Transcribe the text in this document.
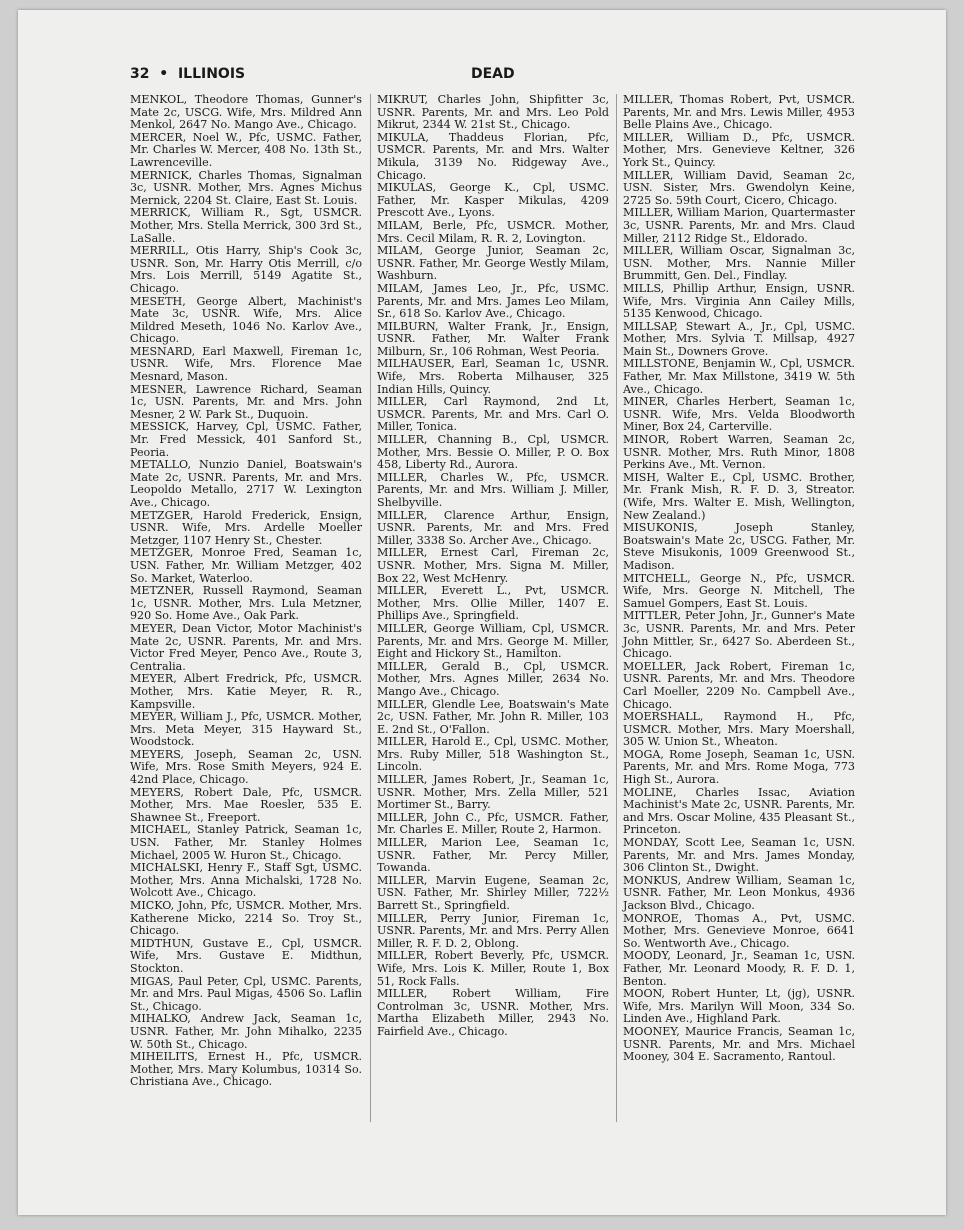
32 • ILLINOIS	DEAD
MENKOL, Theodore Thomas, Gunner's Mate 2c, USCG. Wife, Mrs. Mildred Ann Menkol, 2647 No. Mango Ave., Chicago.
MERCER, Noel W., Pfc, USMC. Father, Mr. Charles W. Mercer, 408 No. 13th St., Lawrenceville.
MERNICK, Charles Thomas, Signalman 3c, USNR. Mother, Mrs. Agnes Michus Mernick, 2204 St. Claire, East St. Louis.
MERRICK, William R., Sgt, USMCR. Mother, Mrs. Stella Merrick, 300 3rd St., LaSalle.
MERRILL, Otis Harry, Ship's Cook 3c, USNR. Son, Mr. Harry Otis Merrill, c/o Mrs. Lois Merrill, 5149 Agatite St., Chicago.
MESETH, George Albert, Machinist's Mate 3c, USNR. Wife, Mrs. Alice Mildred Meseth, 1046 No. Karlov Ave., Chicago.
MESNARD, Earl Maxwell, Fireman 1c, USNR. Wife, Mrs. Florence Mae Mesnard, Mason.
MESNER, Lawrence Richard, Seaman 1c, USN. Parents, Mr. and Mrs. John Mesner, 2 W. Park St., Duquoin.
MESSICK, Harvey, Cpl, USMC. Father, Mr. Fred Messick, 401 Sanford St., Peoria.
METALLO, Nunzio Daniel, Boatswain's Mate 2c, USNR. Parents, Mr. and Mrs. Leopoldo Metallo, 2717 W. Lexington Ave., Chicago.
METZGER, Harold Frederick, Ensign, USNR. Wife, Mrs. Ardelle Moeller Metzger, 1107 Henry St., Chester.
METZGER, Monroe Fred, Seaman 1c, USN. Father, Mr. William Metzger, 402 So. Market, Waterloo.
METZNER, Russell Raymond, Seaman 1c, USNR. Mother, Mrs. Lula Metzner, 920 So. Home Ave., Oak Park.
MEYER, Dean Victor, Motor Machinist's Mate 2c, USNR. Parents, Mr. and Mrs. Victor Fred Meyer, Penco Ave., Route 3, Centralia.
MEYER, Albert Fredrick, Pfc, USMCR. Mother, Mrs. Katie Meyer, R. R., Kampsville.
MEYER, William J., Pfc, USMCR. Mother, Mrs. Meta Meyer, 315 Hayward St., Woodstock.
MEYERS, Joseph, Seaman 2c, USN. Wife, Mrs. Rose Smith Meyers, 924 E. 42nd Place, Chicago.
MEYERS, Robert Dale, Pfc, USMCR. Mother, Mrs. Mae Roesler, 535 E. Shawnee St., Freeport.
MICHAEL, Stanley Patrick, Seaman 1c, USN. Father, Mr. Stanley Holmes Michael, 2005 W. Huron St., Chicago.
MICHALSKI, Henry F., Staff Sgt, USMC. Mother, Mrs. Anna Michalski, 1728 No. Wolcott Ave., Chicago.
MICKO, John, Pfc, USMCR. Mother, Mrs. Katherene Micko, 2214 So. Troy St., Chicago.
MIDTHUN, Gustave E., Cpl, USMCR. Wife, Mrs. Gustave E. Midthun, Stockton.
MIGAS, Paul Peter, Cpl, USMC. Parents, Mr. and Mrs. Paul Migas, 4506 So. Laflin St., Chicago.
MIHALKO, Andrew Jack, Seaman 1c, USNR. Father, Mr. John Mihalko, 2235 W. 50th St., Chicago.
MIHEILITS, Ernest H., Pfc, USMCR. Mother, Mrs. Mary Kolumbus, 10314 So. Christiana Ave., Chicago.
MIKRUT, Charles John, Shipfitter 3c, USNR. Parents, Mr. and Mrs. Leo Pold Mikrut, 2344 W. 21st St., Chicago.
MIKULA, Thaddeus Florian, Pfc, USMCR. Parents, Mr. and Mrs. Walter Mikula, 3139 No. Ridgeway Ave., Chicago.
MIKULAS, George K., Cpl, USMC. Father, Mr. Kasper Mikulas, 4209 Prescott Ave., Lyons.
MILAM, Berle, Pfc, USMCR. Mother, Mrs. Cecil Milam, R. R. 2, Lovington.
MILAM, George Junior, Seaman 2c, USNR. Father, Mr. George Westly Milam, Washburn.
MILAM, James Leo, Jr., Pfc, USMC. Parents, Mr. and Mrs. James Leo Milam, Sr., 618 So. Karlov Ave., Chicago.
MILBURN, Walter Frank, Jr., Ensign, USNR. Father, Mr. Walter Frank Milburn, Sr., 106 Rohman, West Peoria.
MILHAUSER, Earl, Seaman 1c, USNR. Wife, Mrs. Roberta Milhauser, 325 Indian Hills, Quincy.
MILLER, Carl Raymond, 2nd Lt, USMCR. Parents, Mr. and Mrs. Carl O. Miller, Tonica.
MILLER, Channing B., Cpl, USMCR. Mother, Mrs. Bessie O. Miller, P. O. Box 458, Liberty Rd., Aurora.
MILLER, Charles W., Pfc, USMCR. Parents, Mr. and Mrs. William J. Miller, Shelbyville.
MILLER, Clarence Arthur, Ensign, USNR. Parents, Mr. and Mrs. Fred Miller, 3338 So. Archer Ave., Chicago.
MILLER, Ernest Carl, Fireman 2c, USNR. Mother, Mrs. Signa M. Miller, Box 22, West McHenry.
MILLER, Everett L., Pvt, USMCR. Mother, Mrs. Ollie Miller, 1407 E. Phillips Ave., Springfield.
MILLER, George William, Cpl, USMCR. Parents, Mr. and Mrs. George M. Miller, Eight and Hickory St., Hamilton.
MILLER, Gerald B., Cpl, USMCR. Mother, Mrs. Agnes Miller, 2634 No. Mango Ave., Chicago.
MILLER, Glendle Lee, Boatswain's Mate 2c, USN. Father, Mr. John R. Miller, 103 E. 2nd St., O'Fallon.
MILLER, Harold E., Cpl, USMC. Mother, Mrs. Ruby Miller, 518 Washington St., Lincoln.
MILLER, James Robert, Jr., Seaman 1c, USNR. Mother, Mrs. Zella Miller, 521 Mortimer St., Barry.
MILLER, John C., Pfc, USMCR. Father, Mr. Charles E. Miller, Route 2, Harmon.
MILLER, Marion Lee, Seaman 1c, USNR. Father, Mr. Percy Miller, Towanda.
MILLER, Marvin Eugene, Seaman 2c, USN. Father, Mr. Shirley Miller, 722½ Barrett St., Springfield.
MILLER, Perry Junior, Fireman 1c, USNR. Parents, Mr. and Mrs. Perry Allen Miller, R. F. D. 2, Oblong.
MILLER, Robert Beverly, Pfc, USMCR. Wife, Mrs. Lois K. Miller, Route 1, Box 51, Rock Falls.
MILLER, Robert William, Fire Controlman 3c, USNR. Mother, Mrs. Martha Elizabeth Miller, 2943 No. Fairfield Ave., Chicago.
MILLER, Thomas Robert, Pvt, USMCR. Parents, Mr. and Mrs. Lewis Miller, 4953 Belle Plains Ave., Chicago.
MILLER, William D., Pfc, USMCR. Mother, Mrs. Genevieve Keltner, 326 York St., Quincy.
MILLER, William David, Seaman 2c, USN. Sister, Mrs. Gwendolyn Keine, 2725 So. 59th Court, Cicero, Chicago.
MILLER, William Marion, Quartermaster 3c, USNR. Parents, Mr. and Mrs. Claud Miller, 2112 Ridge St., Eldorado.
MILLER, William Oscar, Signalman 3c, USN. Mother, Mrs. Nannie Miller Brummitt, Gen. Del., Findlay.
MILLS, Phillip Arthur, Ensign, USNR. Wife, Mrs. Virginia Ann Cailey Mills, 5135 Kenwood, Chicago.
MILLSAP, Stewart A., Jr., Cpl, USMC. Mother, Mrs. Sylvia T. Millsap, 4927 Main St., Downers Grove.
MILLSTONE, Benjamin W., Cpl, USMCR. Father, Mr. Max Millstone, 3419 W. 5th Ave., Chicago.
MINER, Charles Herbert, Seaman 1c, USNR. Wife, Mrs. Velda Bloodworth Miner, Box 24, Carterville.
MINOR, Robert Warren, Seaman 2c, USNR. Mother, Mrs. Ruth Minor, 1808 Perkins Ave., Mt. Vernon.
MISH, Walter E., Cpl, USMC. Brother, Mr. Frank Mish, R. F. D. 3, Streator. (Wife, Mrs. Walter E. Mish, Wellington, New Zealand.)
MISUKONIS, Joseph Stanley, Boatswain's Mate 2c, USCG. Father, Mr. Steve Misukonis, 1009 Greenwood St., Madison.
MITCHELL, George N., Pfc, USMCR. Wife, Mrs. George N. Mitchell, The Samuel Gompers, East St. Louis.
MITTLER, Peter John, Jr., Gunner's Mate 3c, USNR. Parents, Mr. and Mrs. Peter John Mittler, Sr., 6427 So. Aberdeen St., Chicago.
MOELLER, Jack Robert, Fireman 1c, USNR. Parents, Mr. and Mrs. Theodore Carl Moeller, 2209 No. Campbell Ave., Chicago.
MOERSHALL, Raymond H., Pfc, USMCR. Mother, Mrs. Mary Moershall, 305 W. Union St., Wheaton.
MOGA, Rome Joseph, Seaman 1c, USN. Parents, Mr. and Mrs. Rome Moga, 773 High St., Aurora.
MOLINE, Charles Issac, Aviation Machinist's Mate 2c, USNR. Parents, Mr. and Mrs. Oscar Moline, 435 Pleasant St., Princeton.
MONDAY, Scott Lee, Seaman 1c, USN. Parents, Mr. and Mrs. James Monday, 306 Clinton St., Dwight.
MONKUS, Andrew William, Seaman 1c, USNR. Father, Mr. Leon Monkus, 4936 Jackson Blvd., Chicago.
MONROE, Thomas A., Pvt, USMC. Mother, Mrs. Genevieve Monroe, 6641 So. Wentworth Ave., Chicago.
MOODY, Leonard, Jr., Seaman 1c, USN. Father, Mr. Leonard Moody, R. F. D. 1, Benton.
MOON, Robert Hunter, Lt, (jg), USNR. Wife, Mrs. Marilyn Will Moon, 334 So. Linden Ave., Highland Park.
MOONEY, Maurice Francis, Seaman 1c, USNR. Parents, Mr. and Mrs. Michael Mooney, 304 E. Sacramento, Rantoul.
